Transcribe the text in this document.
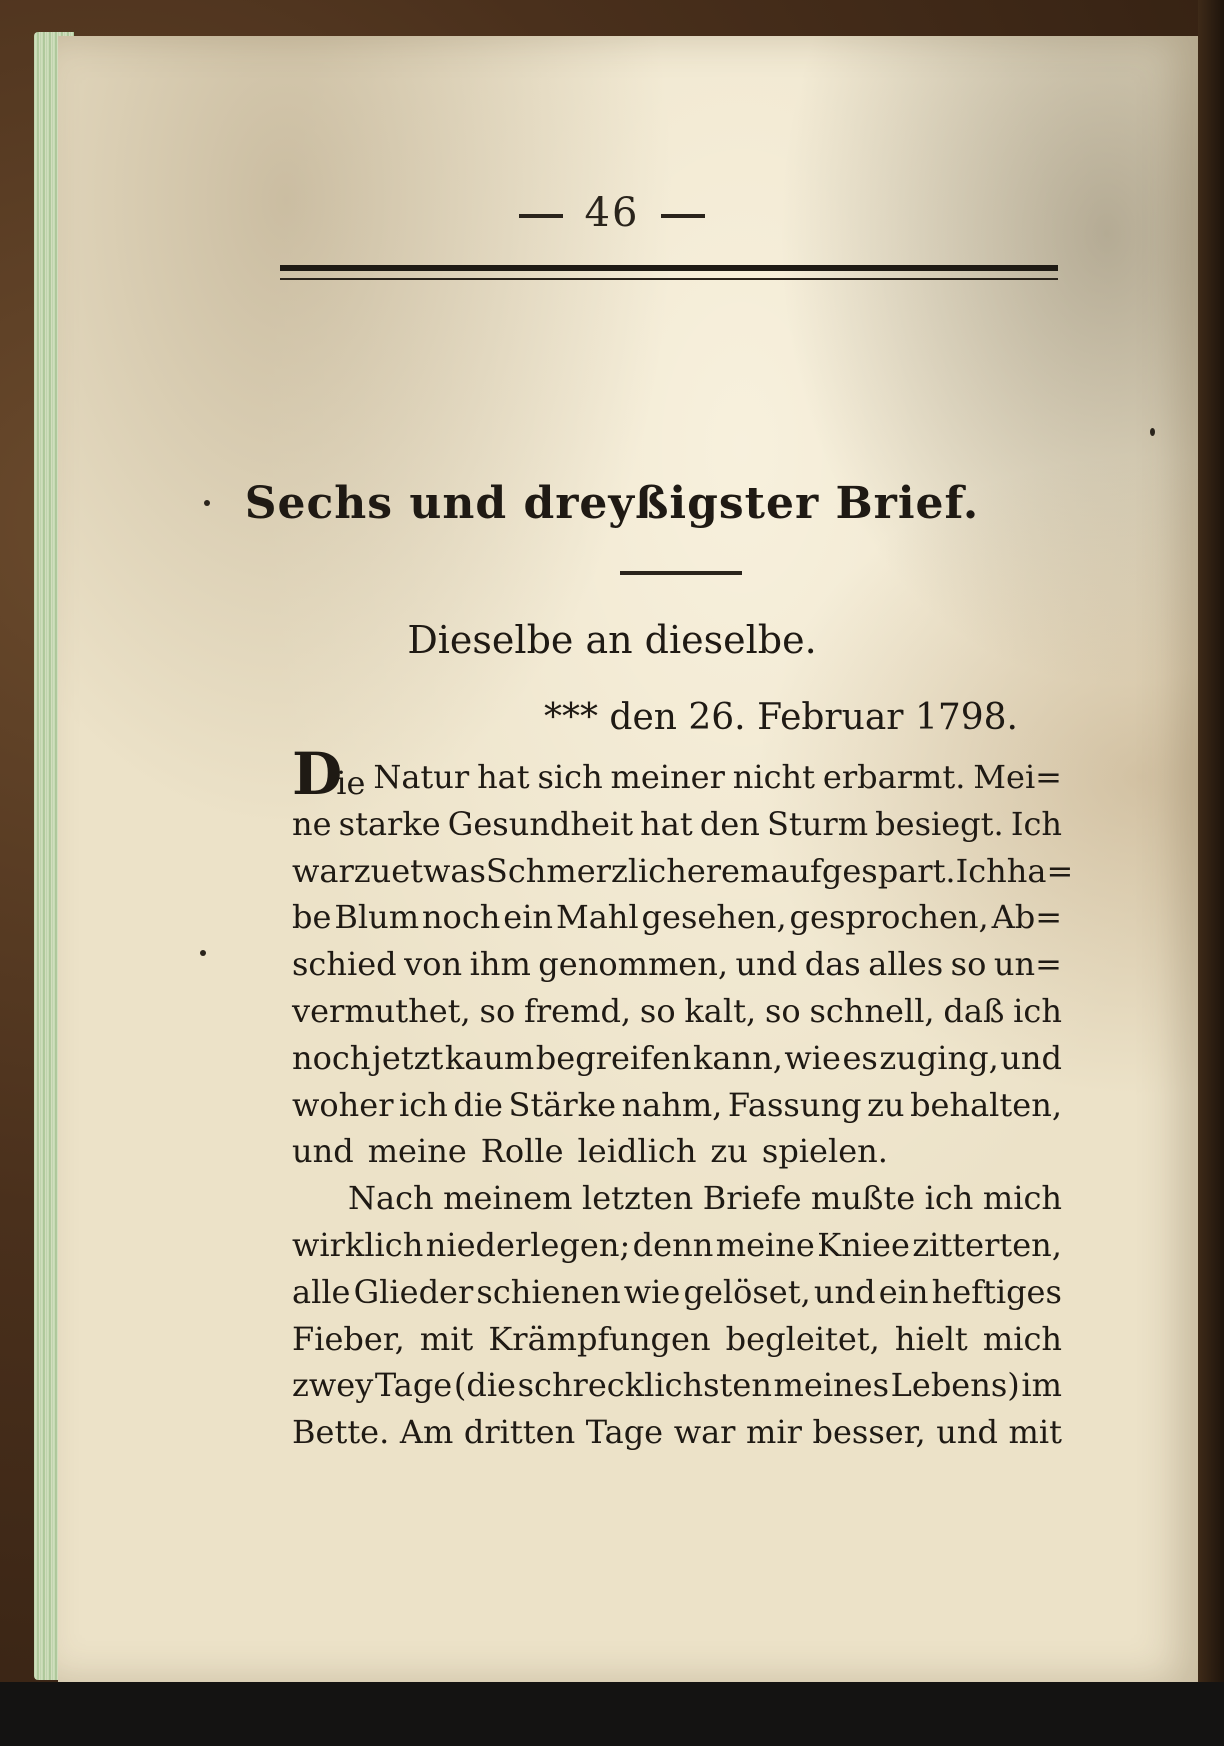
46

Sechs und dreyßigster Brief.
Dieselbe an dieselbe.
*** den 26. Februar 1798.
D
ie Natur hat sich meiner nicht erbarmt. Mei=
ne starke Gesundheit hat den Sturm besiegt. Ich
war zu etwas Schmerzlicherem aufgespart. Ich ha=
be Blum noch ein Mahl gesehen, gesprochen, Ab=
schied von ihm genommen, und das alles so un=
vermuthet, so fremd, so kalt, so schnell, daß ich
noch jetzt kaum begreifen kann, wie es zuging, und
woher ich die Stärke nahm, Fassung zu behalten,
und meine Rolle leidlich zu spielen.
Nach meinem letzten Briefe mußte ich mich
wirklich niederlegen; denn meine Kniee zitterten,
alle Glieder schienen wie gelöset, und ein heftiges
Fieber, mit Krämpfungen begleitet, hielt mich
zwey Tage (die schrecklichsten meines Lebens) im
Bette. Am dritten Tage war mir besser, und mit
